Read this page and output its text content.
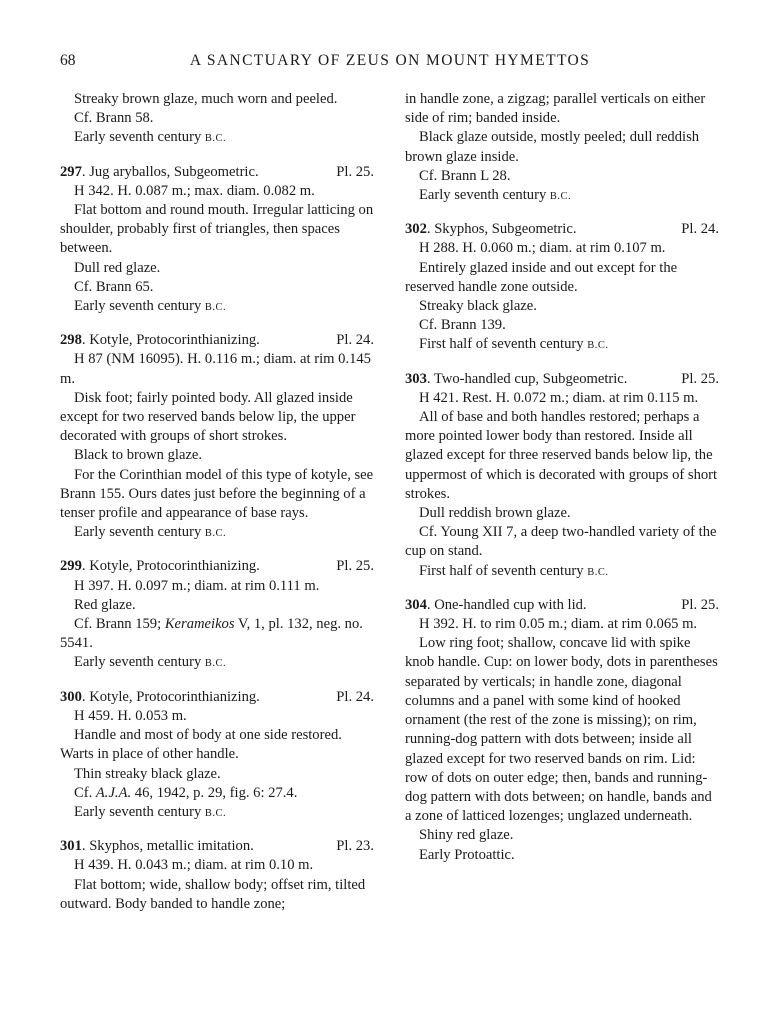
68	A SANCTUARY OF ZEUS ON MOUNT HYMETTOS

Streaky brown glaze, much worn and peeled.

Cf. Brann 58.

Early seventh century B.C.

297. Jug aryballos, Subgeometric.	Pl. 25.

H 342. H. 0.087 m.; max. diam. 0.082 m.

Flat bottom and round mouth. Irregular latticing on shoulder, probably first of triangles, then spaces between.

Dull red glaze.

Cf. Brann 65.

Early seventh century B.C.

298. Kotyle, Protocorinthianizing.	Pl. 24.

H 87 (NM 16095). H. 0.116 m.; diam. at rim 0.145 m.

Disk foot; fairly pointed body. All glazed inside except for two reserved bands below lip, the upper decorated with groups of short strokes.

Black to brown glaze.

For the Corinthian model of this type of kotyle, see Brann 155. Ours dates just before the beginning of a tenser profile and appearance of base rays.

Early seventh century B.C.

299. Kotyle, Protocorinthianizing.	Pl. 25.

H 397. H. 0.097 m.; diam. at rim 0.111 m.

Red glaze.

Cf. Brann 159; Kerameikos V, 1, pl. 132, neg. no. 5541.

Early seventh century B.C.

300. Kotyle, Protocorinthianizing.	Pl. 24.

H 459. H. 0.053 m.

Handle and most of body at one side restored. Warts in place of other handle.

Thin streaky black glaze.

Cf. A.J.A. 46, 1942, p. 29, fig. 6: 27.4.

Early seventh century B.C.

301. Skyphos, metallic imitation.	Pl. 23.

H 439. H. 0.043 m.; diam. at rim 0.10 m.

Flat bottom; wide, shallow body; offset rim, tilted outward. Body banded to handle zone;

in handle zone, a zigzag; parallel verticals on either side of rim; banded inside.

Black glaze outside, mostly peeled; dull reddish brown glaze inside.

Cf. Brann L 28.

Early seventh century B.C.

302. Skyphos, Subgeometric.	Pl. 24.

H 288. H. 0.060 m.; diam. at rim 0.107 m.

Entirely glazed inside and out except for the reserved handle zone outside.

Streaky black glaze.

Cf. Brann 139.

First half of seventh century B.C.

303. Two-handled cup, Subgeometric.	Pl. 25.

H 421. Rest. H. 0.072 m.; diam. at rim 0.115 m.

All of base and both handles restored; perhaps a more pointed lower body than restored. Inside all glazed except for three reserved bands below lip, the uppermost of which is decorated with groups of short strokes.

Dull reddish brown glaze.

Cf. Young XII 7, a deep two-handled variety of the cup on stand.

First half of seventh century B.C.

304. One-handled cup with lid.	Pl. 25.

H 392. H. to rim 0.05 m.; diam. at rim 0.065 m.

Low ring foot; shallow, concave lid with spike knob handle. Cup: on lower body, dots in parentheses separated by verticals; in handle zone, diagonal columns and a panel with some kind of hooked ornament (the rest of the zone is missing); on rim, running-dog pattern with dots between; inside all glazed except for two reserved bands on rim. Lid: row of dots on outer edge; then, bands and running-dog pattern with dots between; on handle, bands and a zone of latticed lozenges; unglazed underneath.

Shiny red glaze.

Early Protoattic.
